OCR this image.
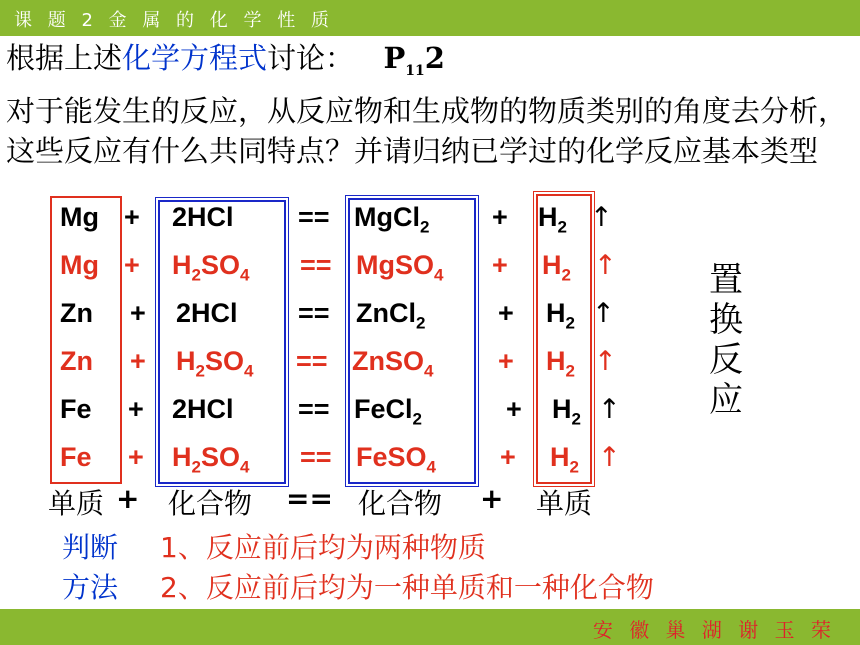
课 题 2 金 属 的 化 学 性 质
根据上述化学方程式讨论： $P_{11}2$
对于能发生的反应，从反应物和生成物的物质类别的角度去分析，这些反应有什么共同特点？并请归纳已学过的化学反应基本类型
Mg + 2HCl == MgCl$_2$ + $H_2$ ↑
$Mg + H_2SO_4$ == MgSO$_4$ + $H_2$ ↑
Zn + 2HCl == ZnCl$_2$	+ $H_2$ ↑
$Zn + H_2SO_4$ == ZnSO$_4$ + $H_2$ ↑
Fe + 2HCl == FeCl$_2$	+ $H_2$ ↑
$Fe + H_2SO_4$ == FeSO$_4$ + $H_2$ ↑
置
换
反
应
单质 + 化合物 == 化合物 + 单质
判断 1、反应前后均为两种物质
方法 2、反应前后均为一种单质和一种化合物
安 徽 巢 湖 谢 玉 荣
